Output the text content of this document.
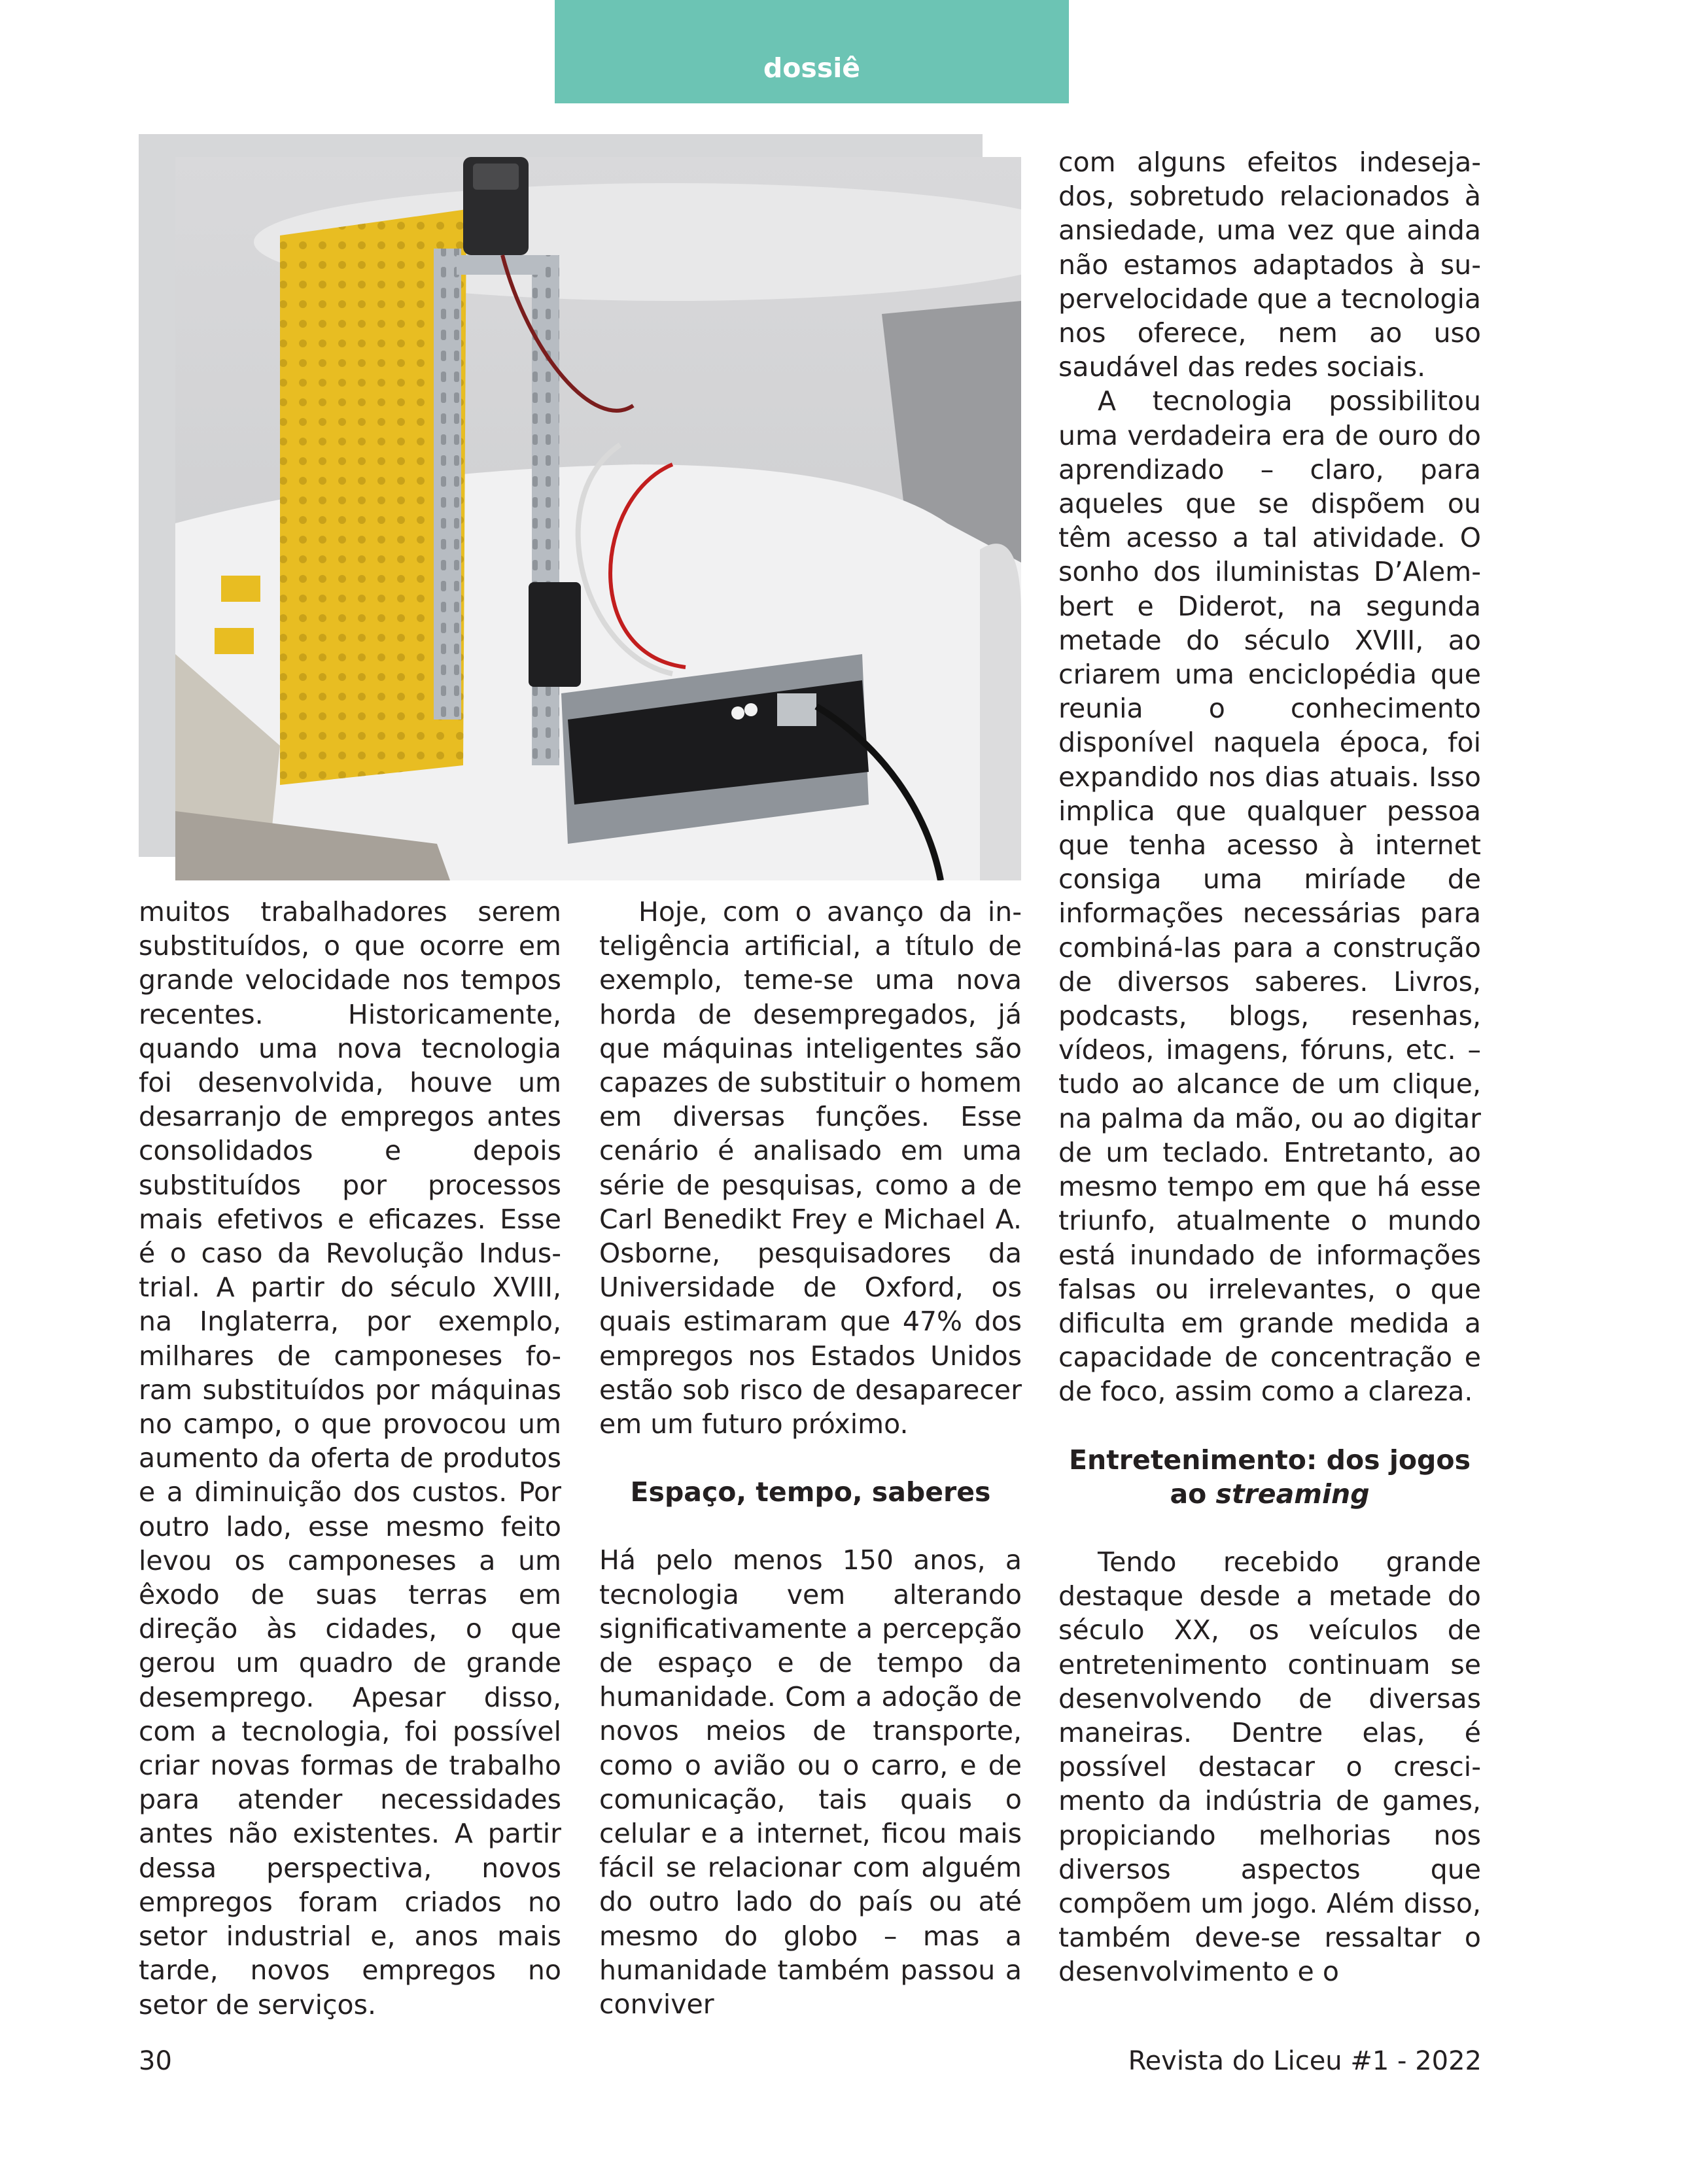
dossiê

muitos trabalhadores serem substituídos, o que ocorre em grande velocidade nos tempos recentes. Historicamente, quando uma nova tecnologia foi desenvolvida, houve um desarranjo de empregos antes consolidados e depois substituídos por processos mais efetivos e eficazes. Esse é o caso da Revolução Industrial. A partir do século XVIII, na Inglaterra, por exemplo, milhares de camponeses foram substituídos por máquinas no campo, o que provocou um aumento da oferta de produtos e a diminuição dos custos. Por outro lado, esse mesmo feito levou os camponeses a um êxodo de suas terras em direção às cidades, o que gerou um quadro de grande desemprego. Apesar disso, com a tecnologia, foi possível criar novas formas de trabalho para atender necessidades antes não existentes. A partir dessa perspectiva, novos empregos foram criados no setor industrial e, anos mais tarde, novos empregos no setor de serviços.

Hoje, com o avanço da inteligência artificial, a título de exemplo, teme-se uma nova horda de desempregados, já que máquinas inteligentes são capazes de substituir o homem em diversas funções. Esse cenário é analisado em uma série de pesquisas, como a de Carl Benedikt Frey e Michael A. Osborne, pesquisadores da Universidade de Oxford, os quais estimaram que 47% dos empregos nos Estados Unidos estão sob risco de desaparecer em um futuro próximo.

Espaço, tempo, saberes

Há pelo menos 150 anos, a tecnologia vem alterando significativamente a percepção de espaço e de tempo da humanidade. Com a adoção de novos meios de transporte, como o avião ou o carro, e de comunicação, tais quais o celular e a internet, ficou mais fácil se relacionar com alguém do outro lado do país ou até mesmo do globo – mas a humanidade também passou a conviver

com alguns efeitos indesejados, sobretudo relacionados à ansiedade, uma vez que ainda não estamos adaptados à supervelocidade que a tecnologia nos oferece, nem ao uso saudável das redes sociais.

A tecnologia possibilitou uma verdadeira era de ouro do aprendizado – claro, para aqueles que se dispõem ou têm acesso a tal atividade. O sonho dos iluministas D’Alembert e Diderot, na segunda metade do século XVIII, ao criarem uma enciclopédia que reunia o conhecimento disponível naquela época, foi expandido nos dias atuais. Isso implica que qualquer pessoa que tenha acesso à internet consiga uma miríade de informações necessárias para combiná-las para a construção de diversos saberes. Livros, podcasts, blogs, resenhas, vídeos, imagens, fóruns, etc. – tudo ao alcance de um clique, na palma da mão, ou ao digitar de um teclado. Entretanto, ao mesmo tempo em que há esse triunfo, atualmente o mundo está inundado de informações falsas ou irrelevantes, o que dificulta em grande medida a capacidade de concentração e de foco, assim como a clareza.

Entretenimento: dos jogos ao streaming

Tendo recebido grande destaque desde a metade do século XX, os veículos de entretenimento continuam se desenvolvendo de diversas maneiras. Dentre elas, é possível destacar o crescimento da indústria de games, propiciando melhorias nos diversos aspectos que compõem um jogo. Além disso, também deve-se ressaltar o desenvolvimento e o

30	Revista do Liceu #1 - 2022
